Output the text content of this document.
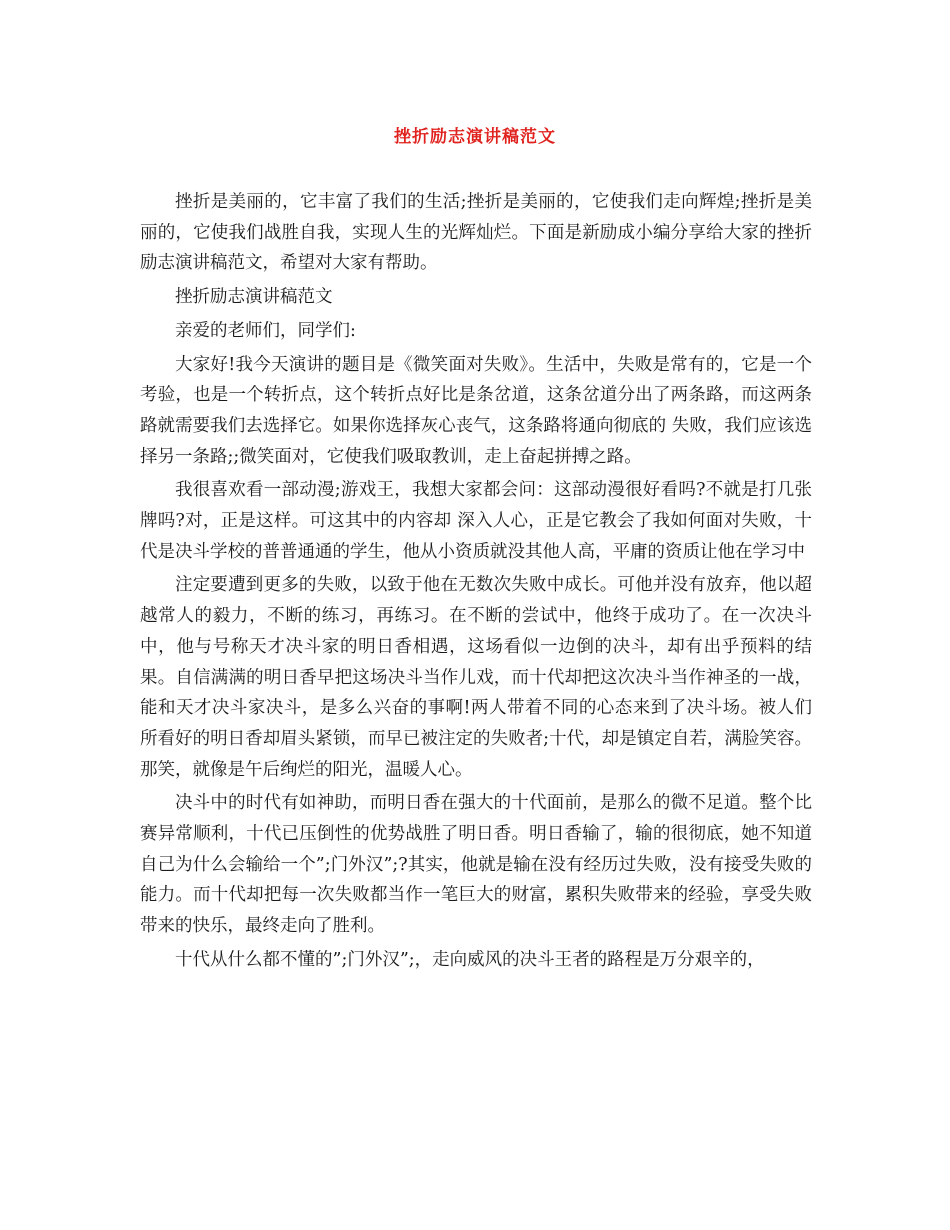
挫折励志演讲稿范文

挫折是美丽的，它丰富了我们的生活;挫折是美丽的，它使我们走向辉煌;挫折是美丽的，它使我们战胜自我，实现人生的光辉灿烂。下面是新励成小编分享给大家的挫折励志演讲稿范文，希望对大家有帮助。

挫折励志演讲稿范文

亲爱的老师们，同学们:

大家好!我今天演讲的题目是《微笑面对失败》。生活中，失败是常有的，它是一个考验，也是一个转折点，这个转折点好比是条岔道，这条岔道分出了两条路，而这两条路就需要我们去选择它。如果你选择灰心丧气，这条路将通向彻底的 失败，我们应该选择另一条路;;微笑面对，它使我们吸取教训，走上奋起拼搏之路。

我很喜欢看一部动漫;游戏王，我想大家都会问：这部动漫很好看吗?不就是打几张牌吗?对，正是这样。可这其中的内容却 深入人心，正是它教会了我如何面对失败，十代是决斗学校的普普通通的学生，他从小资质就没其他人高，平庸的资质让他在学习中

注定要遭到更多的失败，以致于他在无数次失败中成长。可他并没有放弃，他以超越常人的毅力，不断的练习，再练习。在不断的尝试中，他终于成功了。在一次决斗中，他与号称天才决斗家的明日香相遇，这场看似一边倒的决斗，却有出乎预料的结果。自信满满的明日香早把这场决斗当作儿戏，而十代却把这次决斗当作神圣的一战，能和天才决斗家决斗，是多么兴奋的事啊!两人带着不同的心态来到了决斗场。被人们所看好的明日香却眉头紧锁，而早已被注定的失败者;十代，却是镇定自若，满脸笑容。那笑，就像是午后绚烂的阳光，温暖人心。

决斗中的时代有如神助，而明日香在强大的十代面前，是那么的微不足道。整个比赛异常顺利，十代已压倒性的优势战胜了明日香。明日香输了，输的很彻底，她不知道自己为什么会输给一个”;门外汉”;?其实，他就是输在没有经历过失败，没有接受失败的能力。而十代却把每一次失败都当作一笔巨大的财富，累积失败带来的经验，享受失败带来的快乐，最终走向了胜利。

十代从什么都不懂的”;门外汉”;，走向威风的决斗王者的路程是万分艰辛的，
